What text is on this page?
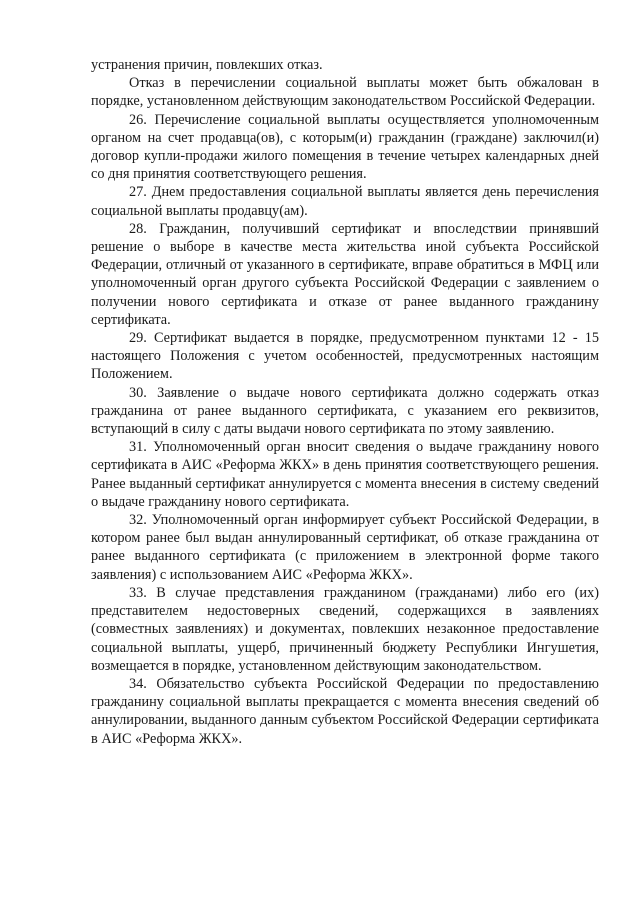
устранения причин, повлекших отказ.

Отказ в перечислении социальной выплаты может быть обжалован в порядке, установленном действующим законодательством Российской Федерации.

26. Перечисление социальной выплаты осуществляется уполномоченным органом на счет продавца(ов), с которым(и) гражданин (граждане) заключил(и) договор купли-продажи жилого помещения в течение четырех календарных дней со дня принятия соответствующего решения.

27. Днем предоставления социальной выплаты является день перечисления социальной выплаты продавцу(ам).

28. Гражданин, получивший сертификат и впоследствии принявший решение о выборе в качестве места жительства иной субъекта Российской Федерации, отличный от указанного в сертификате, вправе обратиться в МФЦ или уполномоченный орган другого субъекта Российской Федерации с заявлением о получении нового сертификата и отказе от ранее выданного гражданину сертификата.

29. Сертификат выдается в порядке, предусмотренном пунктами 12 - 15 настоящего Положения с учетом особенностей, предусмотренных настоящим Положением.

30. Заявление о выдаче нового сертификата должно содержать отказ гражданина от ранее выданного сертификата, с указанием его реквизитов, вступающий в силу с даты выдачи нового сертификата по этому заявлению.

31. Уполномоченный орган вносит сведения о выдаче гражданину нового сертификата в АИС «Реформа ЖКХ» в день принятия соответствующего решения. Ранее выданный сертификат аннулируется с момента внесения в систему сведений о выдаче гражданину нового сертификата.

32. Уполномоченный орган информирует субъект Российской Федерации, в котором ранее был выдан аннулированный сертификат, об отказе гражданина от ранее выданного сертификата (с приложением в электронной форме такого заявления) с использованием АИС «Реформа ЖКХ».

33. В случае представления гражданином (гражданами) либо его (их) представителем недостоверных сведений, содержащихся в заявлениях (совместных заявлениях) и документах, повлекших незаконное предоставление социальной выплаты, ущерб, причиненный бюджету Республики Ингушетия, возмещается в порядке, установленном действующим законодательством.

34. Обязательство субъекта Российской Федерации по предоставлению гражданину социальной выплаты прекращается с момента внесения сведений об аннулировании, выданного данным субъектом Российской Федерации сертификата в АИС «Реформа ЖКХ».
